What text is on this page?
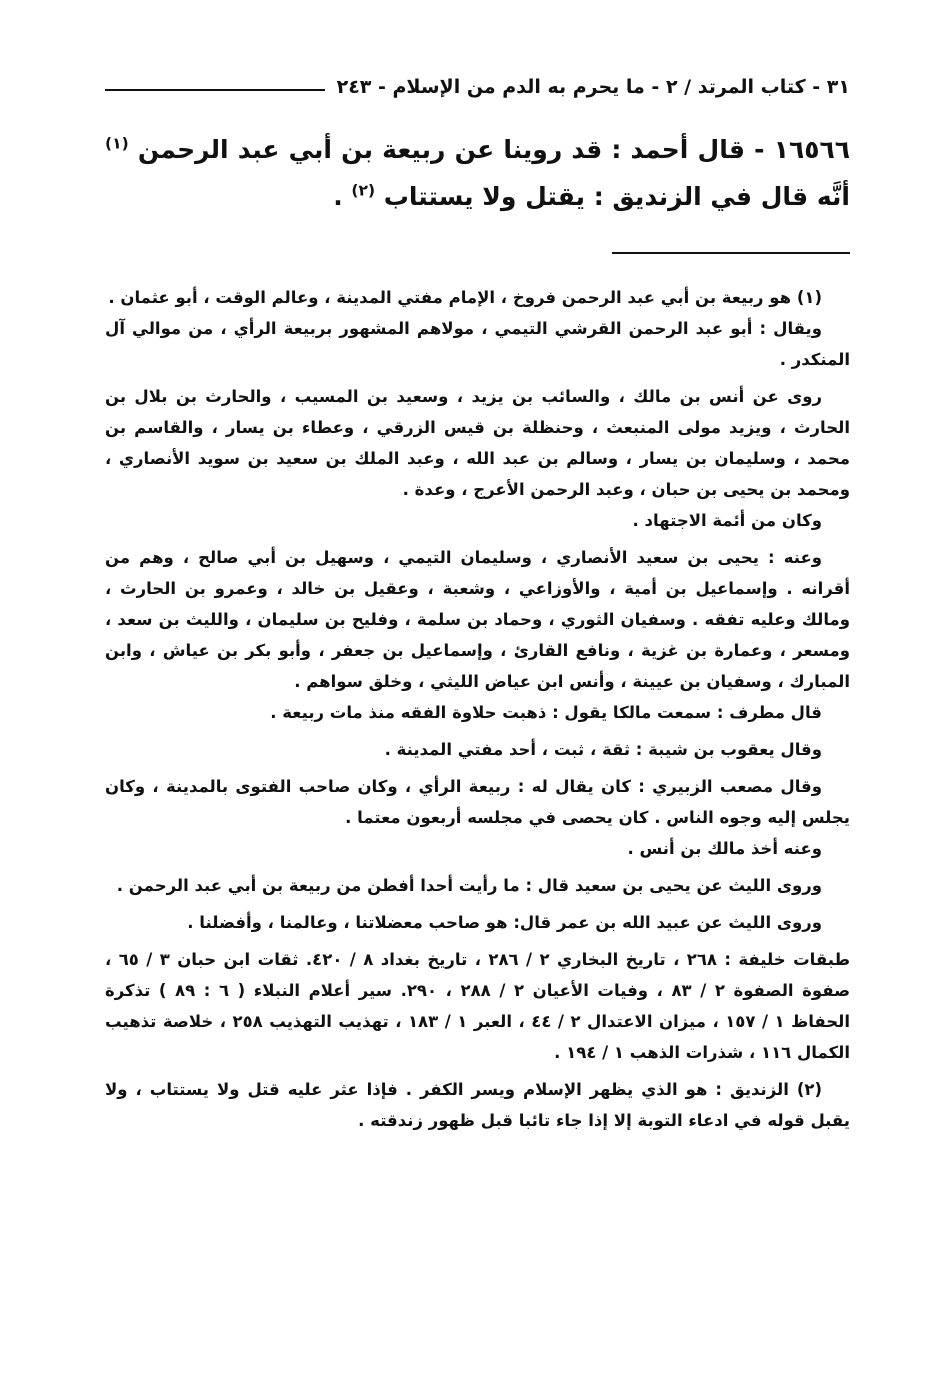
٣١ - كتاب المرتد / ٢ - ما يحرم به الدم من الإسلام - ٢٤٣
١٦٥٦٦ - قال أحمد : قد روينا عن ربيعة بن أبي عبد الرحمن $^{(١)}$ أنَّه قال في الزنديق : يقتل ولا يستتاب $^{(٢)}$ .

(١) هو ربيعة بن أبي عبد الرحمن فروخ ، الإمام مفتي المدينة ، وعالم الوقت ، أبو عثمان .

ويقال : أبو عبد الرحمن القرشي التيمي ، مولاهم المشهور بربيعة الرأي ، من موالي آل المنكدر .

روى عن أنس بن مالك ، والسائب بن يزيد ، وسعيد بن المسيب ، والحارث بن بلال بن الحارث ، ويزيد مولى المنبعث ، وحنظلة بن قيس الزرقي ، وعطاء بن يسار ، والقاسم بن محمد ، وسليمان بن يسار ، وسالم بن عبد الله ، وعبد الملك بن سعيد بن سويد الأنصاري ، ومحمد بن يحيى بن حبان ، وعبد الرحمن الأعرج ، وعدة .

وكان من أئمة الاجتهاد .

وعنه : يحيى بن سعيد الأنصاري ، وسليمان التيمي ، وسهيل بن أبي صالح ، وهم من أقرانه . وإسماعيل بن أمية ، والأوزاعي ، وشعبة ، وعقيل بن خالد ، وعمرو بن الحارث ، ومالك وعليه تفقه . وسفيان الثوري ، وحماد بن سلمة ، وفليح بن سليمان ، والليث بن سعد ، ومسعر ، وعمارة بن غزية ، ونافع القارئ ، وإسماعيل بن جعفر ، وأبو بكر بن عياش ، وابن المبارك ، وسفيان بن عيينة ، وأنس ابن عياض الليثي ، وخلق سواهم .

قال مطرف : سمعت مالكا يقول : ذهبت حلاوة الفقه منذ مات ربيعة .

وقال يعقوب بن شيبة : ثقة ، ثبت ، أحد مفتي المدينة .

وقال مصعب الزبيري : كان يقال له : ربيعة الرأي ، وكان صاحب الفتوى بالمدينة ، وكان يجلس إليه وجوه الناس . كان يحصى في مجلسه أربعون معتما .

وعنه أخذ مالك بن أنس .

وروى الليث عن يحيى بن سعيد قال : ما رأيت أحدا أفطن من ربيعة بن أبي عبد الرحمن .

وروى الليث عن عبيد الله بن عمر قال: هو صاحب معضلاتنا ، وعالمنا ، وأفضلنا .

طبقات خليفة : ٢٦٨ ، تاريخ البخاري ٢ / ٢٨٦ ، تاريخ بغداد ٨ / ٤٢٠. ثقات ابن حبان ٣ / ٦٥ ، صفوة الصفوة ٢ / ٨٣ ، وفيات الأعيان ٢ / ٢٨٨ ، ٢٩٠. سير أعلام النبلاء ( ٦ : ٨٩ ) تذكرة الحفاظ ١ / ١٥٧ ، ميزان الاعتدال ٢ / ٤٤ ، العبر ١ / ١٨٣ ، تهذيب التهذيب ٢٥٨ ، خلاصة تذهيب الكمال ١١٦ ، شذرات الذهب ١ / ١٩٤ .

(٢) الزنديق : هو الذي يظهر الإسلام ويسر الكفر . فإذا عثر عليه قتل ولا يستتاب ، ولا يقبل قوله في ادعاء التوبة إلا إذا جاء تائبا قبل ظهور زندقته .
